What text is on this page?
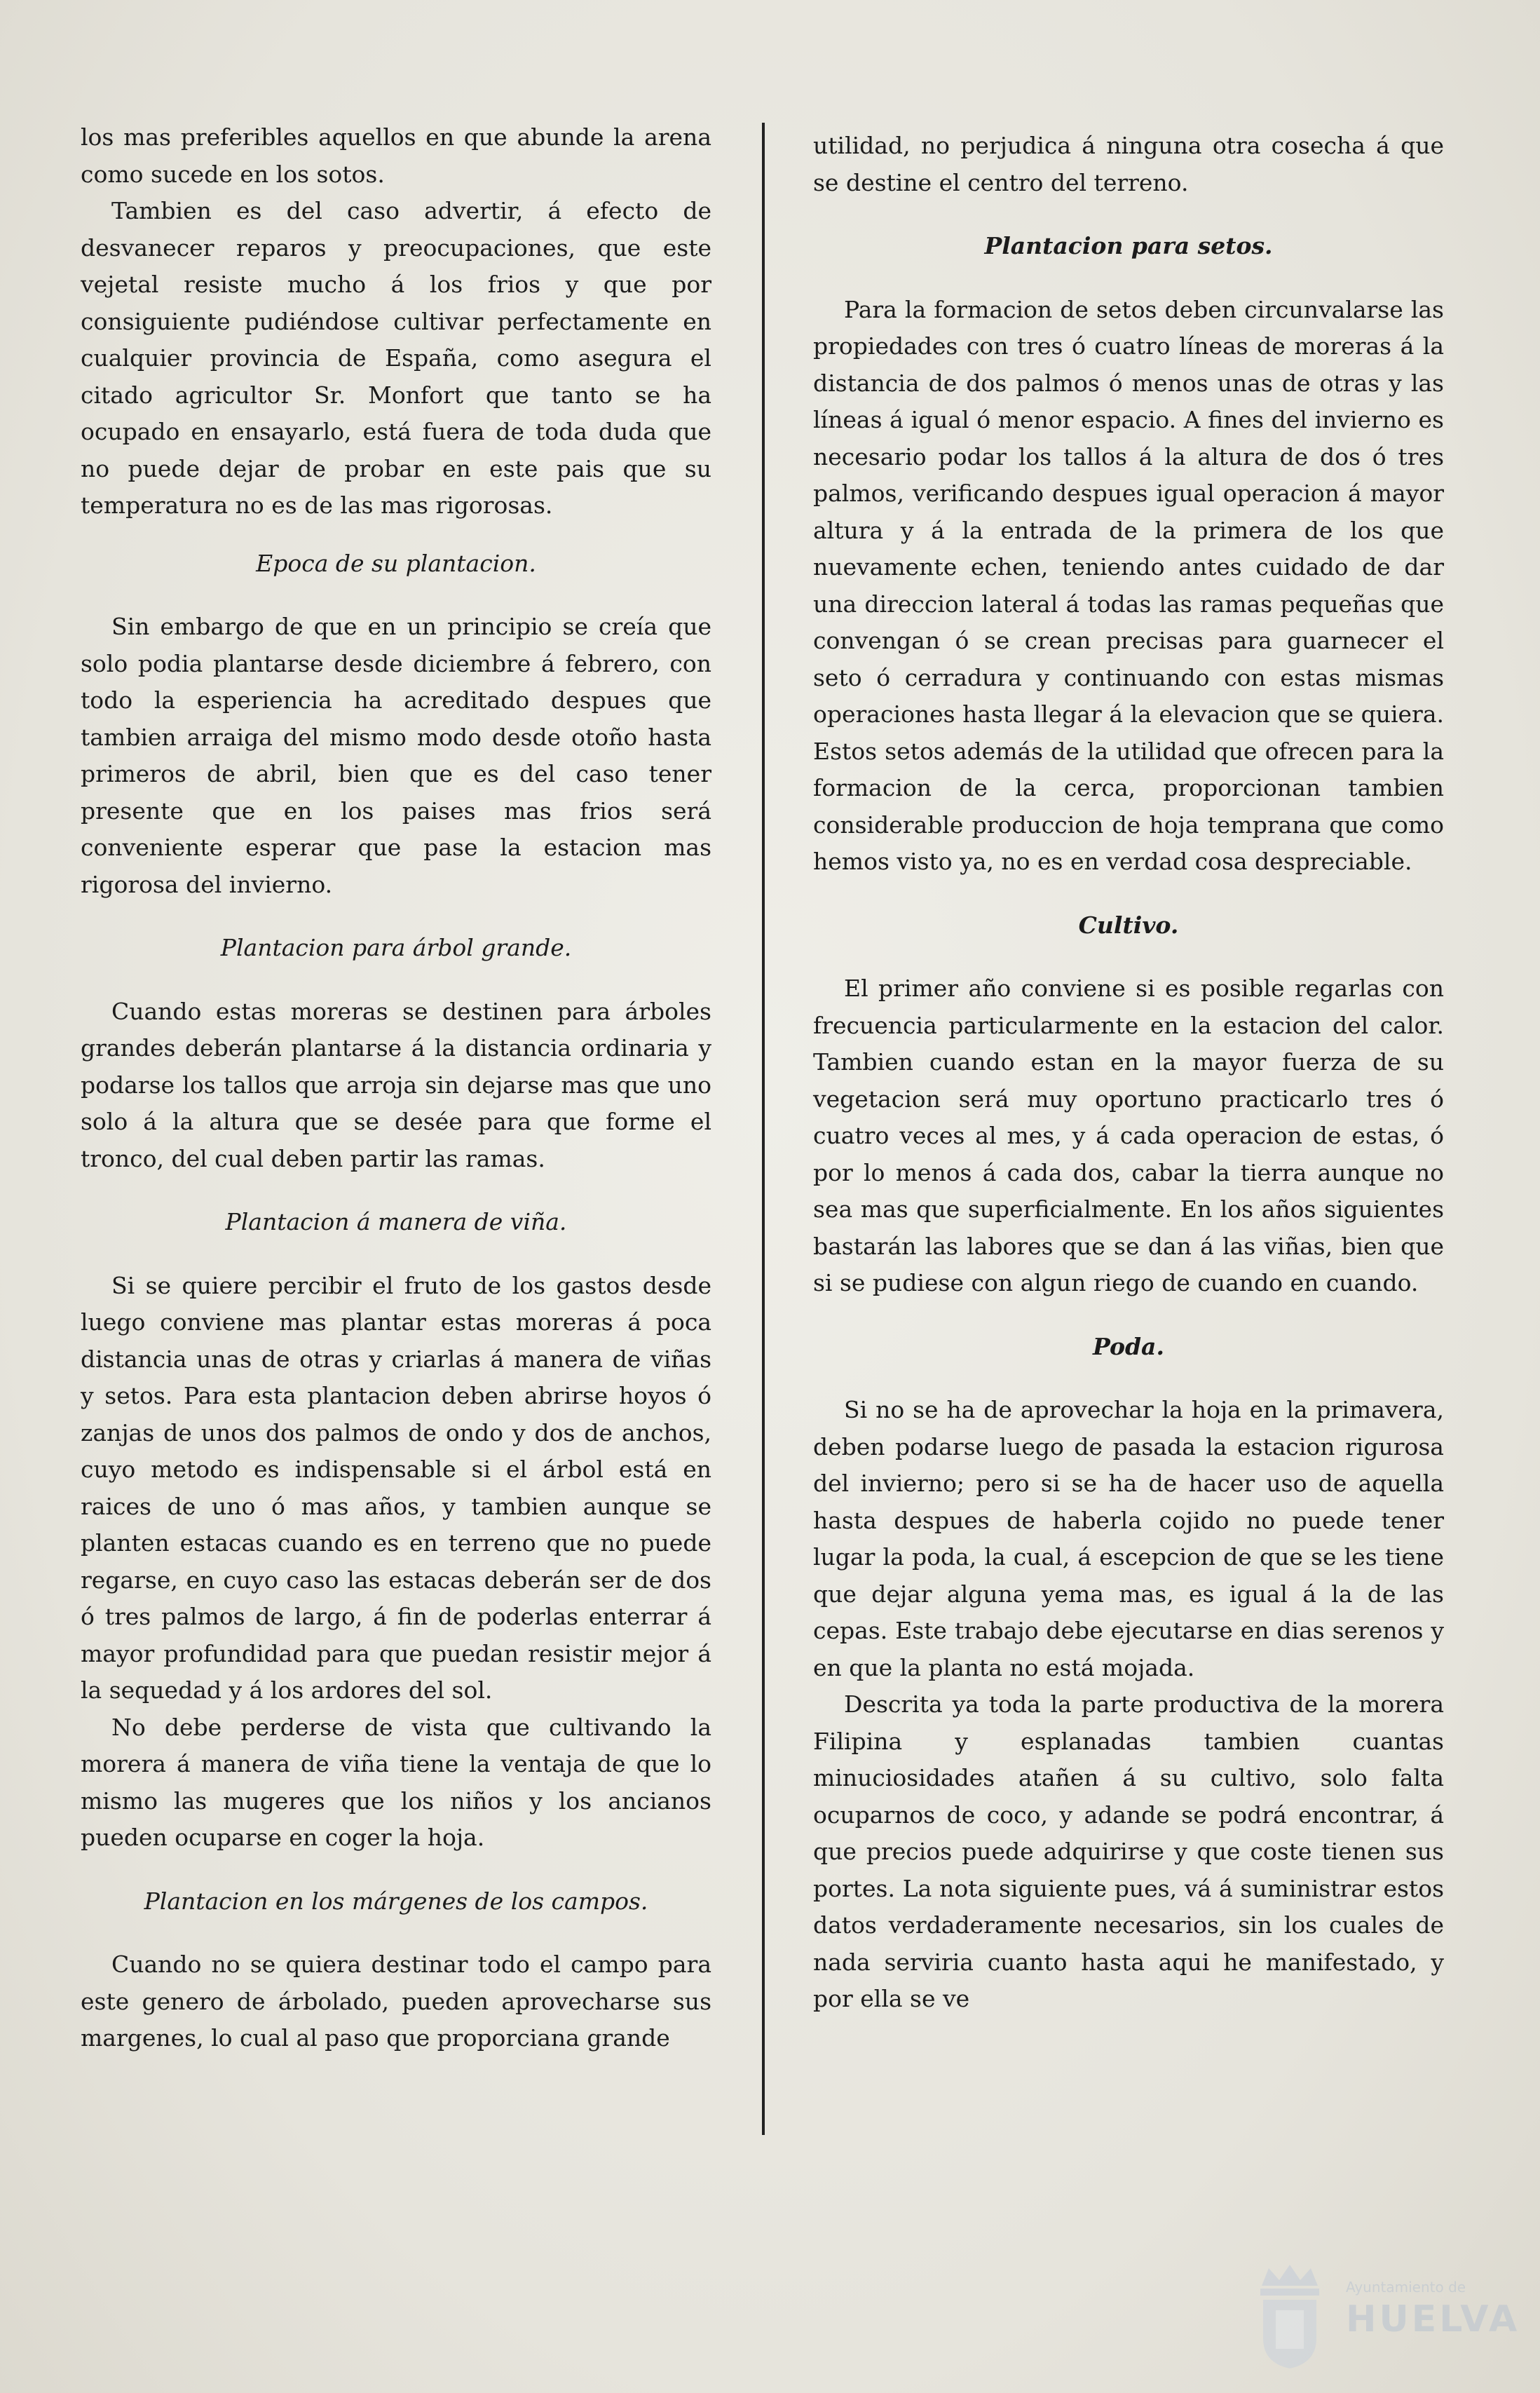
los mas preferibles aquellos en que abunde la arena como sucede en los sotos.

Tambien es del caso advertir, á efecto de desvanecer reparos y preocupaciones, que este vejetal resiste mucho á los frios y que por consiguiente pudiéndose cultivar perfectamente en cualquier provincia de España, como asegura el citado agricultor Sr. Monfort que tanto se ha ocupado en ensayarlo, está fuera de toda duda que no puede dejar de probar en este pais que su temperatura no es de las mas rigorosas.

Epoca de su plantacion.

Sin embargo de que en un principio se creía que solo podia plantarse desde diciembre á febrero, con todo la esperiencia ha acreditado despues que tambien arraiga del mismo modo desde otoño hasta primeros de abril, bien que es del caso tener presente que en los paises mas frios será conveniente esperar que pase la estacion mas rigorosa del invierno.

Plantacion para árbol grande.

Cuando estas moreras se destinen para árboles grandes deberán plantarse á la distancia ordinaria y podarse los tallos que arroja sin dejarse mas que uno solo á la altura que se desée para que forme el tronco, del cual deben partir las ramas.

Plantacion á manera de viña.

Si se quiere percibir el fruto de los gastos desde luego conviene mas plantar estas moreras á poca distancia unas de otras y criarlas á manera de viñas y setos. Para esta plantacion deben abrirse hoyos ó zanjas de unos dos palmos de ondo y dos de anchos, cuyo metodo es indispensable si el árbol está en raices de uno ó mas años, y tambien aunque se planten estacas cuando es en terreno que no puede regarse, en cuyo caso las estacas deberán ser de dos ó tres palmos de largo, á fin de poderlas enterrar á mayor profundidad para que puedan resistir mejor á la sequedad y á los ardores del sol.

No debe perderse de vista que cultivando la morera á manera de viña tiene la ventaja de que lo mismo las mugeres que los niños y los ancianos pueden ocuparse en coger la hoja.

Plantacion en los márgenes de los campos.

Cuando no se quiera destinar todo el campo para este genero de árbolado, pueden aprovecharse sus margenes, lo cual al paso que proporciana grande

utilidad, no perjudica á ninguna otra cosecha á que se destine el centro del terreno.

Plantacion para setos.

Para la formacion de setos deben circunvalarse las propiedades con tres ó cuatro líneas de moreras á la distancia de dos palmos ó menos unas de otras y las líneas á igual ó menor espacio. A fines del invierno es necesario podar los tallos á la altura de dos ó tres palmos, verificando despues igual operacion á mayor altura y á la entrada de la primera de los que nuevamente echen, teniendo antes cuidado de dar una direccion lateral á todas las ramas pequeñas que convengan ó se crean precisas para guarnecer el seto ó cerradura y continuando con estas mismas operaciones hasta llegar á la elevacion que se quiera. Estos setos además de la utilidad que ofrecen para la formacion de la cerca, proporcionan tambien considerable produccion de hoja temprana que como hemos visto ya, no es en verdad cosa despreciable.

Cultivo.

El primer año conviene si es posible regarlas con frecuencia particularmente en la estacion del calor. Tambien cuando estan en la mayor fuerza de su vegetacion será muy oportuno practicarlo tres ó cuatro veces al mes, y á cada operacion de estas, ó por lo menos á cada dos, cabar la tierra aunque no sea mas que superficialmente. En los años siguientes bastarán las labores que se dan á las viñas, bien que si se pudiese con algun riego de cuando en cuando.

Poda.

Si no se ha de aprovechar la hoja en la primavera, deben podarse luego de pasada la estacion rigurosa del invierno; pero si se ha de hacer uso de aquella hasta despues de haberla cojido no puede tener lugar la poda, la cual, á escepcion de que se les tiene que dejar alguna yema mas, es igual á la de las cepas. Este trabajo debe ejecutarse en dias serenos y en que la planta no está mojada.

Descrita ya toda la parte productiva de la morera Filipina y esplanadas tambien cuantas minuciosidades atañen á su cultivo, solo falta ocuparnos de coco, y adande se podrá encontrar, á que precios puede adquirirse y que coste tienen sus portes. La nota siguiente pues, vá á suministrar estos datos verdaderamente necesarios, sin los cuales de nada serviria cuanto hasta aqui he manifestado, y por ella se ve

Ayuntamiento de
HUELVA
